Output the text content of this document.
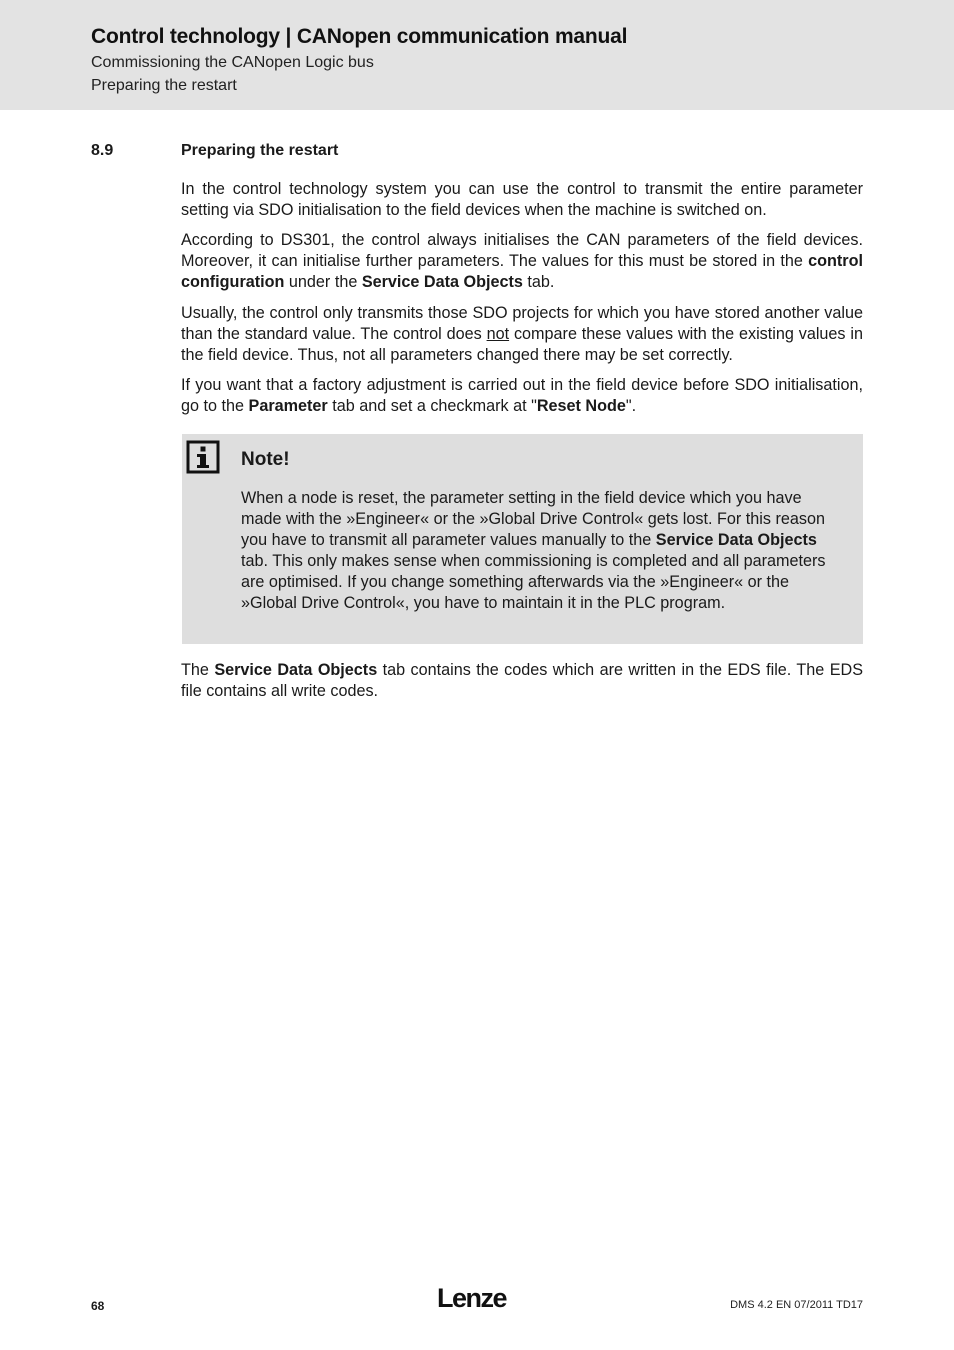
Control technology | CANopen communication manual
Commissioning the CANopen Logic bus
Preparing the restart
8.9	Preparing the restart

In the control technology system you can use the control to transmit the entire parameter setting via SDO initialisation to the field devices when the machine is switched on.

According to DS301, the control always initialises the CAN parameters of the field devices. Moreover, it can initialise further parameters. The values for this must be stored in the control configuration under the Service Data Objects tab.

Usually, the control only transmits those SDO projects for which you have stored another value than the standard value. The control does not compare these values with the existing values in the field device. Thus, not all parameters changed there may be set correctly.

If you want that a factory adjustment is carried out in the field device before SDO initialisation, go to the Parameter tab and set a checkmark at "Reset Node".

Note!

When a node is reset, the parameter setting in the field device which you have made with the »Engineer« or the »Global Drive Control« gets lost. For this reason you have to transmit all parameter values manually to the Service Data Objects tab. This only makes sense when commissioning is completed and all parameters are optimised. If you change something afterwards via the »Engineer« or the »Global Drive Control«, you have to maintain it in the PLC program.

The Service Data Objects tab contains the codes which are written in the EDS file. The EDS file contains all write codes.

68	Lenze	DMS 4.2 EN 07/2011 TD17
